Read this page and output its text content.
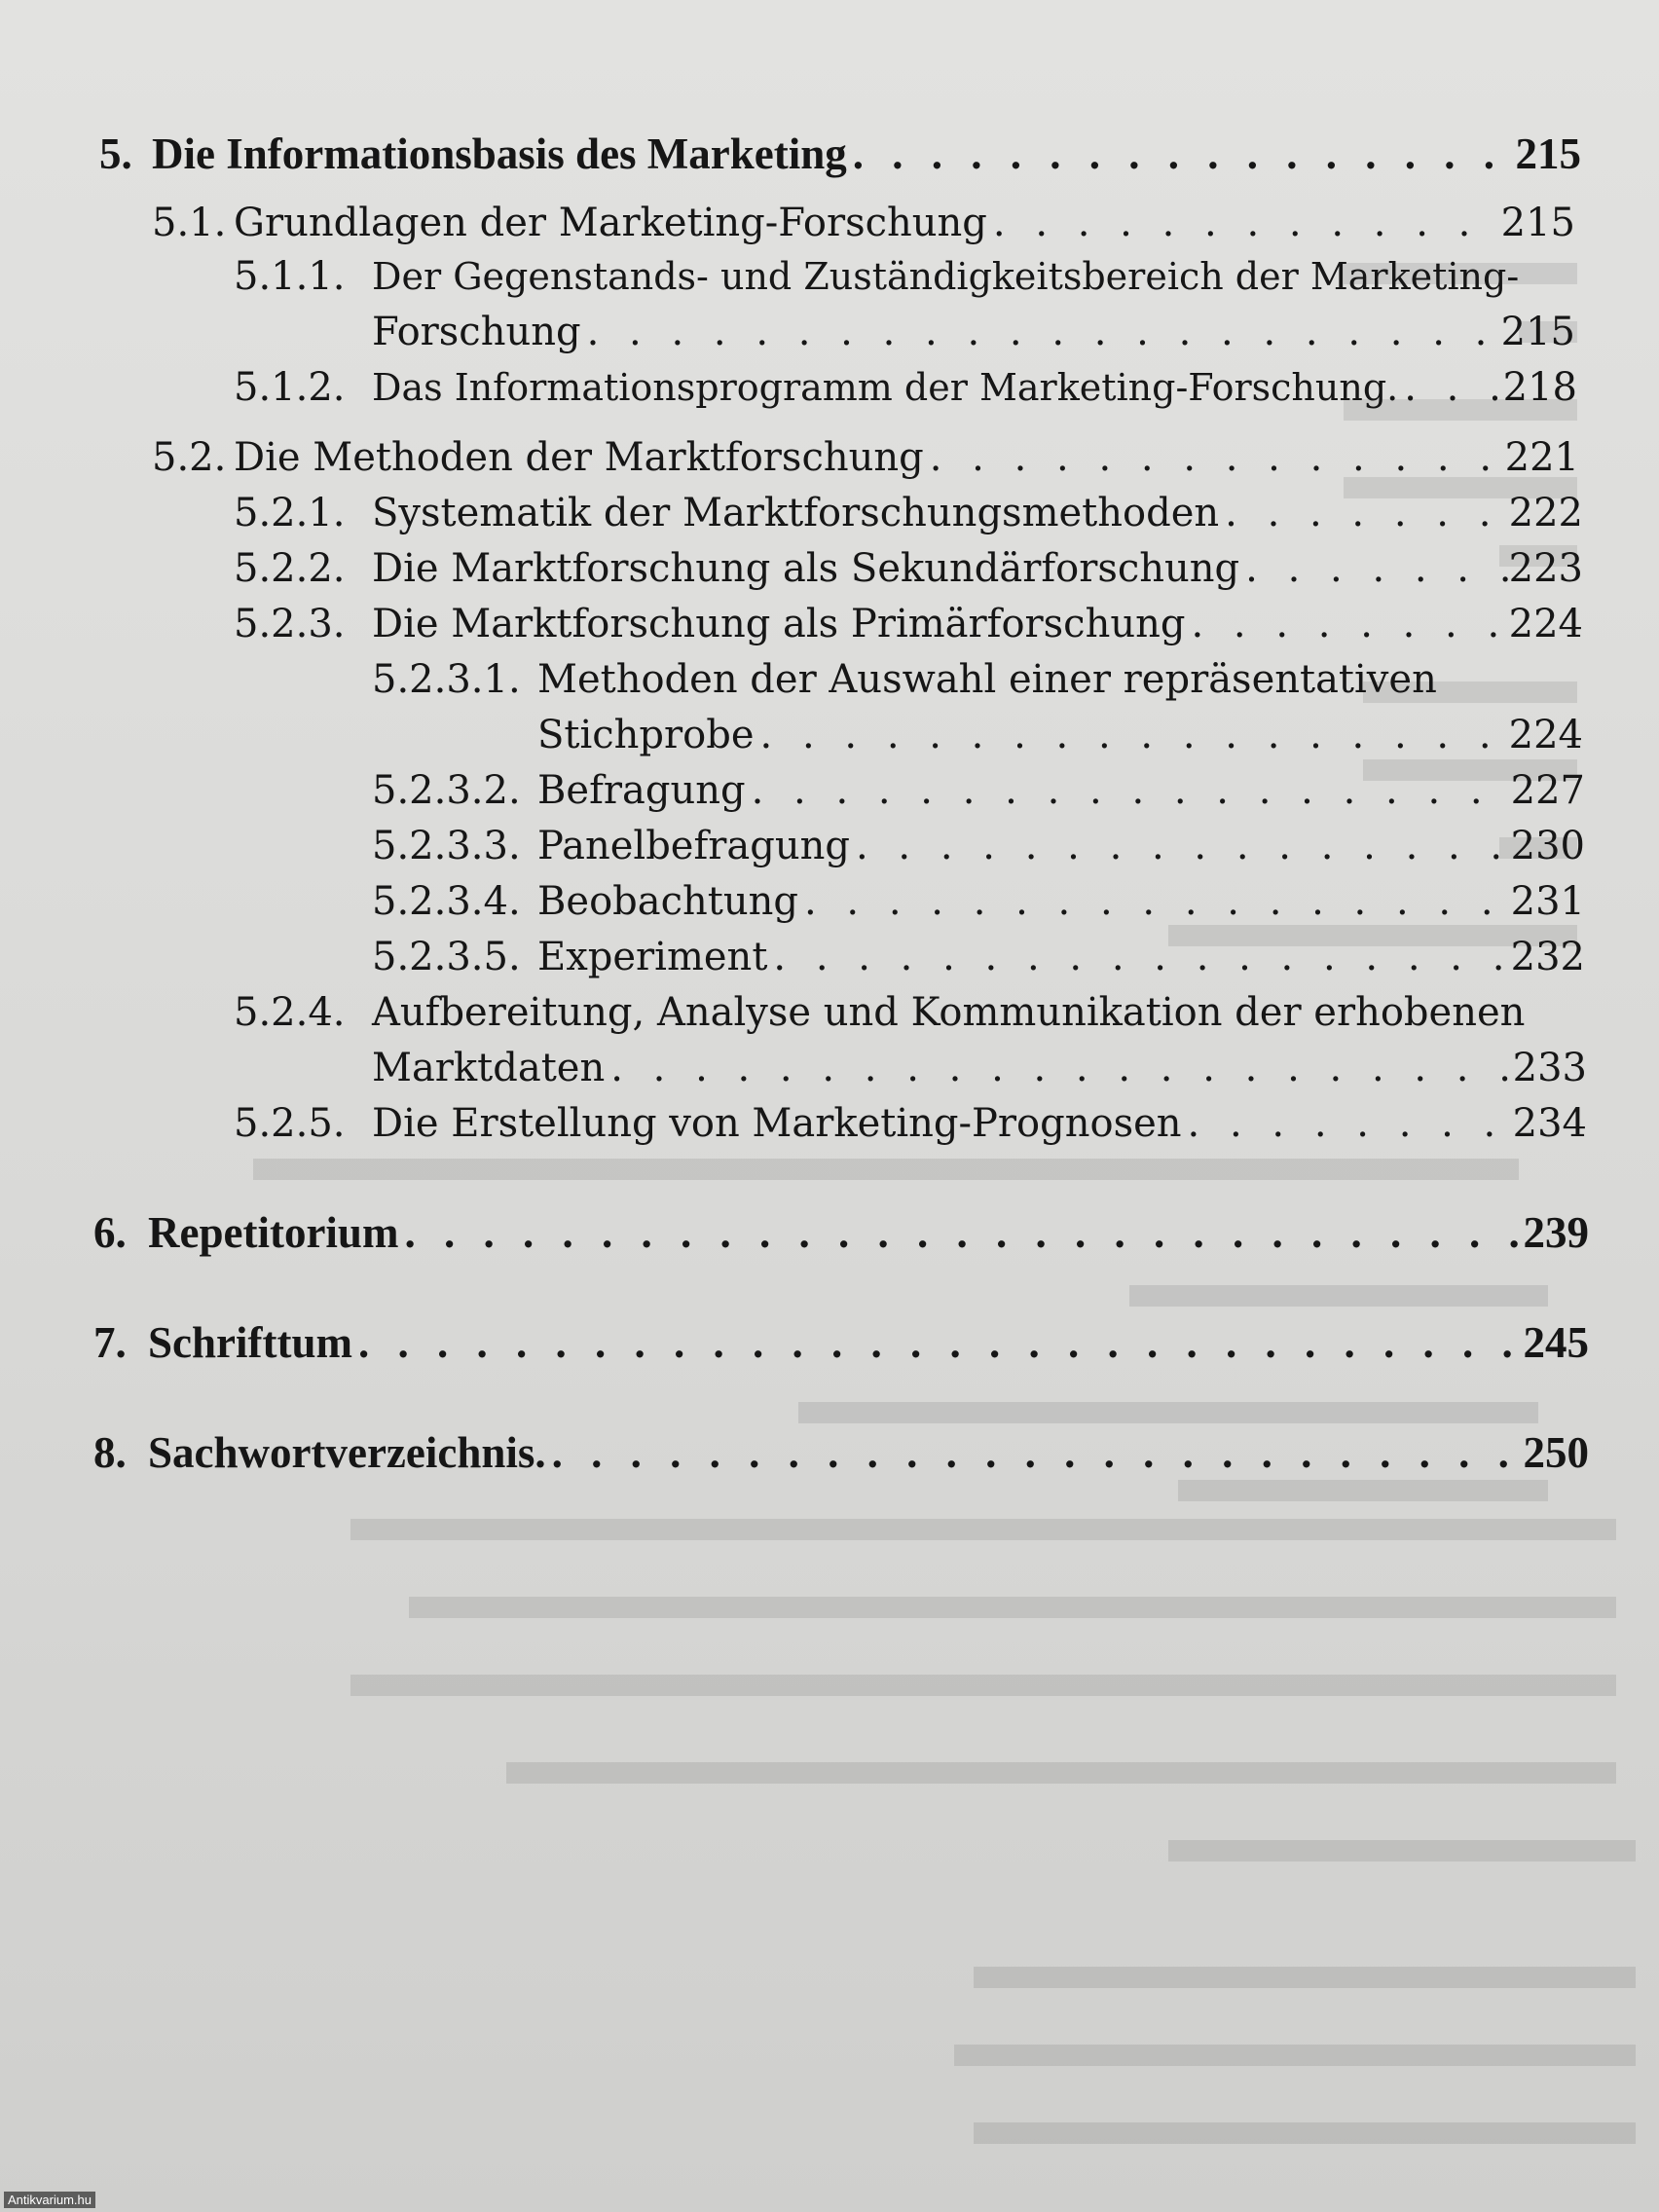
5. Die Informationsbasis des Marketing . . .	215
5.1. Grundlagen der Marketing-Forschung . . .	215
5.1.1. Der Gegenstands- und Zuständigkeitsbereich der Marketing-
Forschung . . .	215
5.1.2. Das Informationsprogramm der Marketing-Forschung. . . .	218
5.2. Die Methoden der Marktforschung . . .	221
5.2.1. Systematik der Marktforschungsmethoden . . .	222
5.2.2. Die Marktforschung als Sekundärforschung . . .	223
5.2.3. Die Marktforschung als Primärforschung . . .	224
5.2.3.1. Methoden der Auswahl einer repräsentativen
Stichprobe . . .	224
5.2.3.2. Befragung . . .	227
5.2.3.3. Panelbefragung . . .	230
5.2.3.4. Beobachtung . . .	231
5.2.3.5. Experiment . . .	232
5.2.4. Aufbereitung, Analyse und Kommunikation der erhobenen
Marktdaten . . .	233
5.2.5. Die Erstellung von Marketing-Prognosen . . .	234
6. Repetitorium . . .	239
7. Schrifttum . . .	245
8. Sachwortverzeichnis. . . .	250
Antikvarium.hu
